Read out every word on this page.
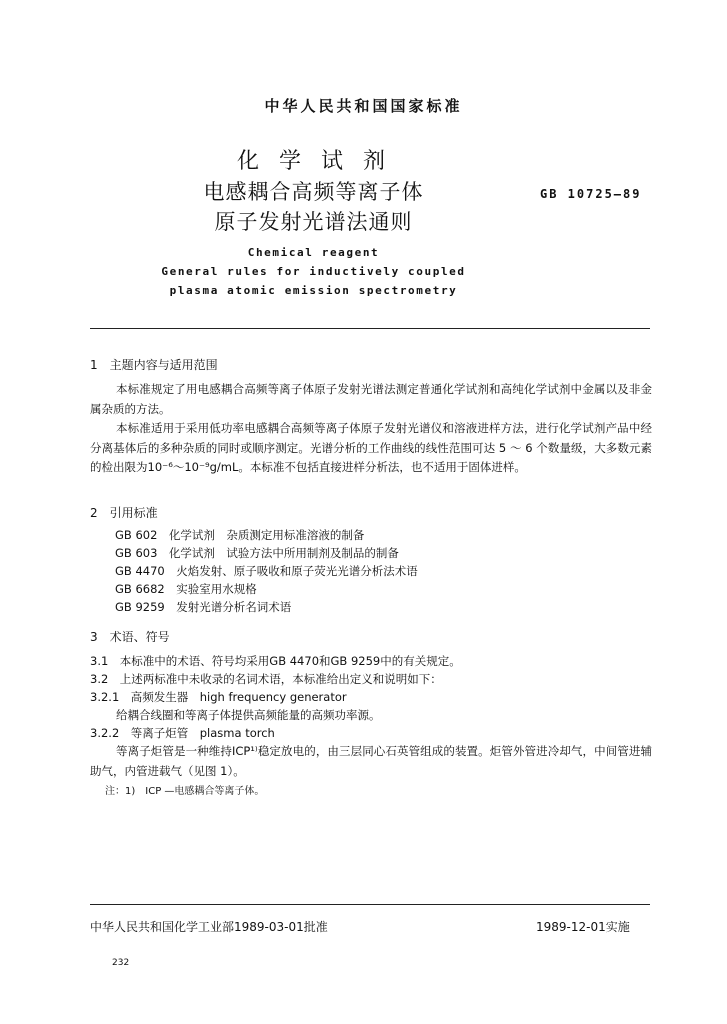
中华人民共和国国家标准
化学试剂
电感耦合高频等离子体
原子发射光谱法通则
GB 10725—89
Chemical reagent
General rules for inductively coupled
plasma atomic emission spectrometry
1　主题内容与适用范围
本标准规定了用电感耦合高频等离子体原子发射光谱法测定普通化学试剂和高纯化学试剂中金属以及非金属杂质的方法。
本标准适用于采用低功率电感耦合高频等离子体原子发射光谱仪和溶液进样方法，进行化学试剂产品中经分离基体后的多种杂质的同时或顺序测定。光谱分析的工作曲线的线性范围可达 5 ～ 6 个数量级，大多数元素的检出限为10⁻⁶～10⁻⁹g/mL。本标准不包括直接进样分析法，也不适用于固体进样。
2　引用标准
GB 602　化学试剂　杂质测定用标准溶液的制备
GB 603　化学试剂　试验方法中所用制剂及制品的制备
GB 4470　火焰发射、原子吸收和原子荧光光谱分析法术语
GB 6682　实验室用水规格
GB 9259　发射光谱分析名词术语
3　术语、符号
3.1　本标准中的术语、符号均采用GB 4470和GB 9259中的有关规定。
3.2　上述两标准中未收录的名词术语，本标准给出定义和说明如下：
3.2.1　高频发生器　high frequency generator
给耦合线圈和等离子体提供高频能量的高频功率源。
3.2.2　等离子炬管　plasma torch
等离子炬管是一种维持ICP¹⁾稳定放电的，由三层同心石英管组成的装置。炬管外管进冷却气，中间管进辅助气，内管进载气（见图 1）。
注：1)　ICP —电感耦合等离子体。
中华人民共和国化学工业部1989-03-01批准	1989-12-01实施
232
